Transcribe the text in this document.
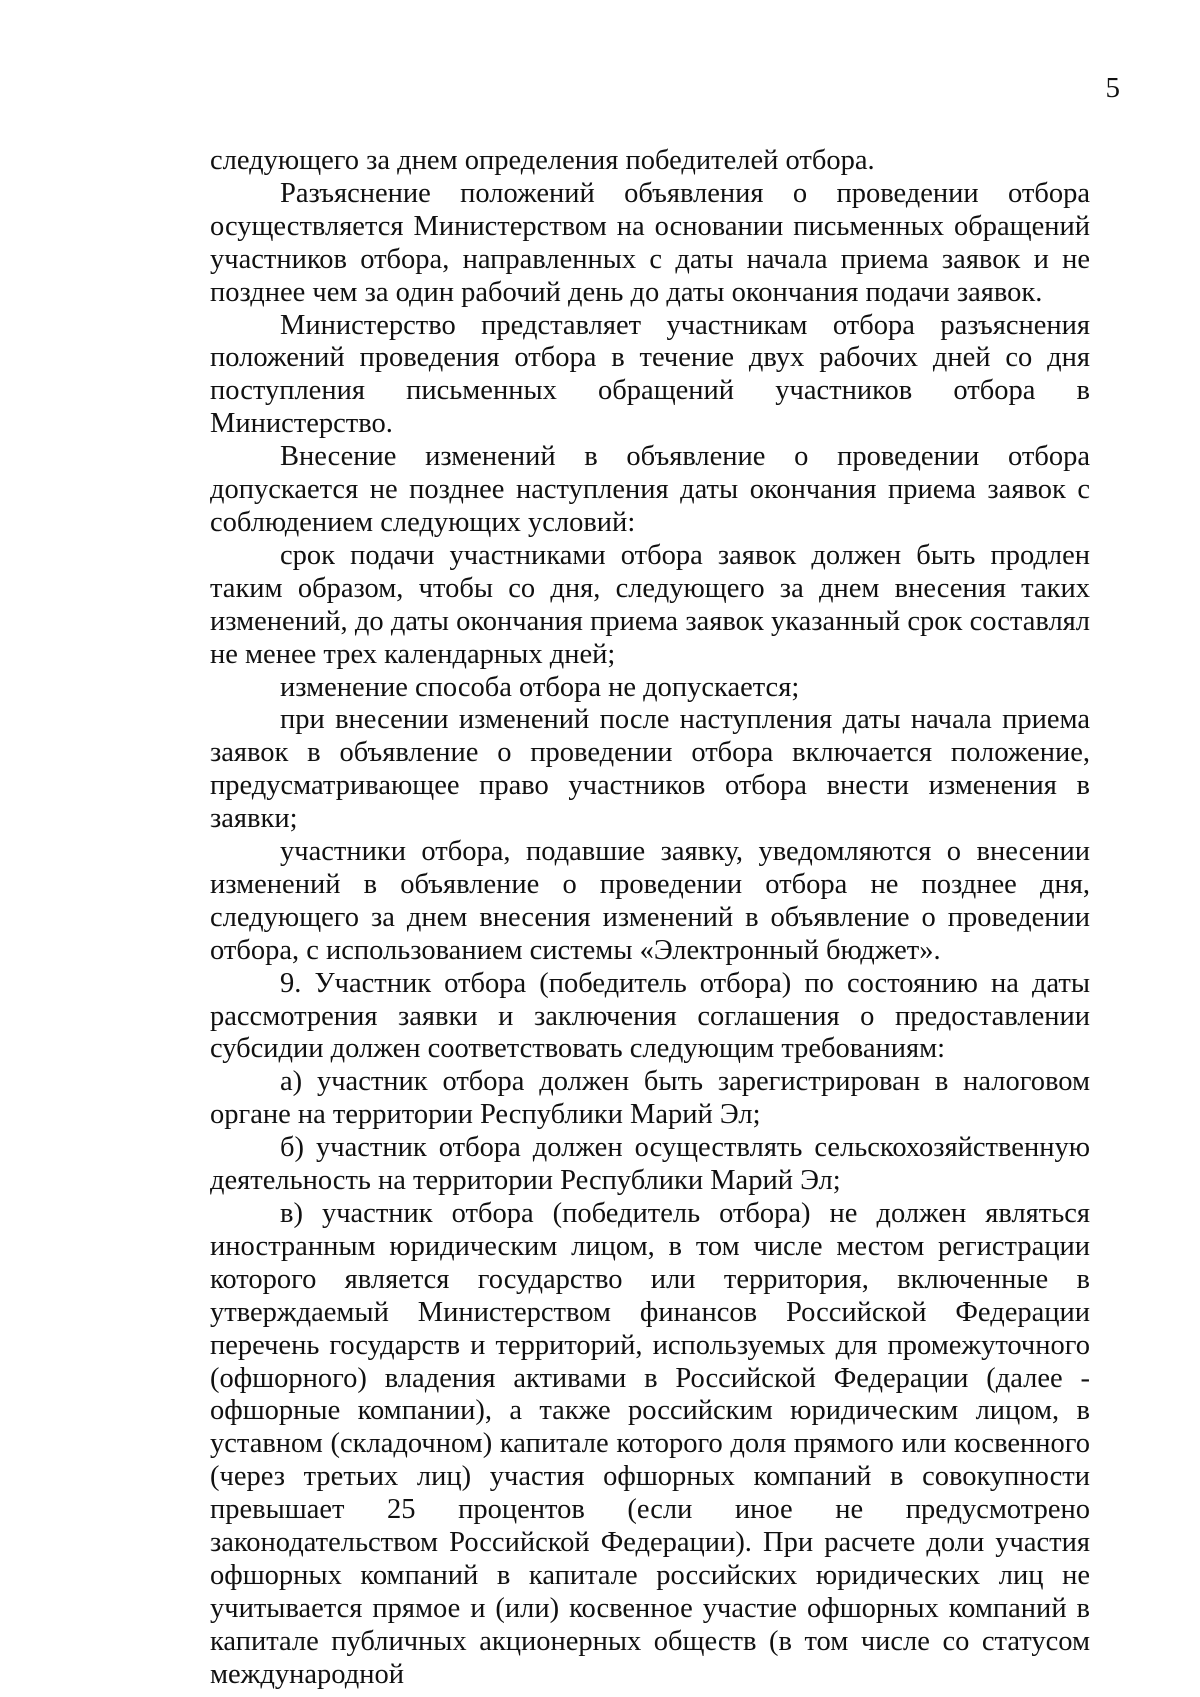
5

следующего за днем определения победителей отбора.

Разъяснение положений объявления о проведении отбора осуществляется Министерством на основании письменных обращений участников отбора, направленных с даты начала приема заявок и не позднее чем за один рабочий день до даты окончания подачи заявок.

Министерство представляет участникам отбора разъяснения положений проведения отбора в течение двух рабочих дней со дня поступления письменных обращений участников отбора в Министерство.

Внесение изменений в объявление о проведении отбора допускается не позднее наступления даты окончания приема заявок с соблюдением следующих условий:

срок подачи участниками отбора заявок должен быть продлен таким образом, чтобы со дня, следующего за днем внесения таких изменений, до даты окончания приема заявок указанный срок составлял не менее трех календарных дней;

изменение способа отбора не допускается;

при внесении изменений после наступления даты начала приема заявок в объявление о проведении отбора включается положение, предусматривающее право участников отбора внести изменения в заявки;

участники отбора, подавшие заявку, уведомляются о внесении изменений в объявление о проведении отбора не позднее дня, следующего за днем внесения изменений в объявление о проведении отбора, с использованием системы «Электронный бюджет».

9. Участник отбора (победитель отбора) по состоянию на даты рассмотрения заявки и заключения соглашения о предоставлении субсидии должен соответствовать следующим требованиям:

а) участник отбора должен быть зарегистрирован в налоговом органе на территории Республики Марий Эл;

б) участник отбора должен осуществлять сельскохозяйственную деятельность на территории Республики Марий Эл;

в) участник отбора (победитель отбора) не должен являться иностранным юридическим лицом, в том числе местом регистрации которого является государство или территория, включенные в утверждаемый Министерством финансов Российской Федерации перечень государств и территорий, используемых для промежуточного (офшорного) владения активами в Российской Федерации (далее - офшорные компании), а также российским юридическим лицом, в уставном (складочном) капитале которого доля прямого или косвенного (через третьих лиц) участия офшорных компаний в совокупности превышает 25 процентов (если иное не предусмотрено законодательством Российской Федерации). При расчете доли участия офшорных компаний в капитале российских юридических лиц не учитывается прямое и (или) косвенное участие офшорных компаний в капитале публичных акционерных обществ (в том числе со статусом международной
